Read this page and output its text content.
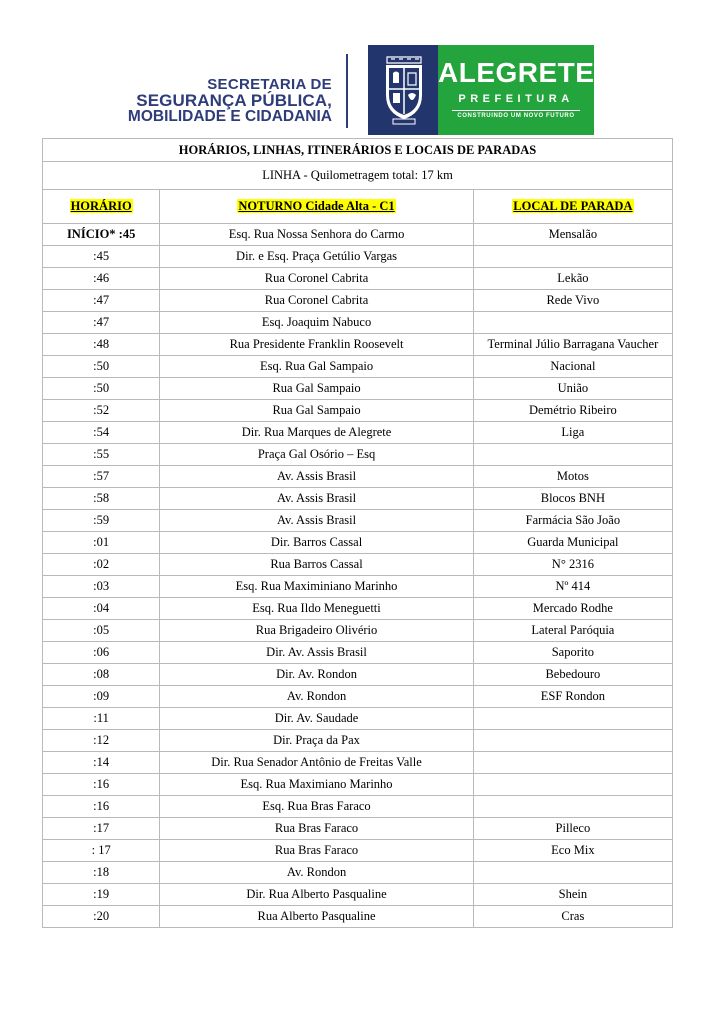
SECRETARIA DE
SEGURANÇA PÚBLICA,
MOBILIDADE E CIDADANIA
ALEGRETE
PREFEITURA
CONSTRUINDO UM NOVO FUTURO
HORÁRIOS, LINHAS, ITINERÁRIOS E LOCAIS DE PARADAS		
LINHA - Quilometragem total: 17 km		
HORÁRIO	NOTURNO Cidade Alta - C1	LOCAL DE PARADA
INÍCIO* :45	Esq. Rua Nossa Senhora do Carmo	Mensalão
:45	Dir. e Esq. Praça Getúlio Vargas	
:46	Rua Coronel Cabrita	Lekão
:47	Rua Coronel Cabrita	Rede Vivo
:47	Esq. Joaquim Nabuco	
:48	Rua Presidente Franklin Roosevelt	Terminal Júlio Barragana Vaucher
:50	Esq. Rua Gal Sampaio	Nacional
:50	Rua Gal Sampaio	União
:52	Rua Gal Sampaio	Demétrio Ribeiro
:54	Dir. Rua Marques de Alegrete	Liga
:55	Praça Gal Osório – Esq	
:57	Av. Assis Brasil	Motos
:58	Av. Assis Brasil	Blocos BNH
:59	Av. Assis Brasil	Farmácia São João
:01	Dir. Barros Cassal	Guarda Municipal
:02	Rua Barros Cassal	N° 2316
:03	Esq. Rua Maximiniano Marinho	Nº 414
:04	Esq. Rua Ildo Meneguetti	Mercado Rodhe
:05	Rua Brigadeiro Olivério	Lateral Paróquia
:06	Dir. Av. Assis Brasil	Saporito
:08	Dir. Av. Rondon	Bebedouro
:09	Av. Rondon	ESF Rondon
:11	Dir. Av. Saudade	
:12	Dir. Praça da Pax	
:14	Dir. Rua Senador Antônio de Freitas Valle	
:16	Esq. Rua Maximiano Marinho	
:16	Esq. Rua Bras Faraco	
:17	Rua Bras Faraco	Pilleco
: 17	Rua Bras Faraco	Eco Mix
:18	Av. Rondon	
:19	Dir. Rua Alberto Pasqualine	Shein
:20	Rua Alberto Pasqualine	Cras
